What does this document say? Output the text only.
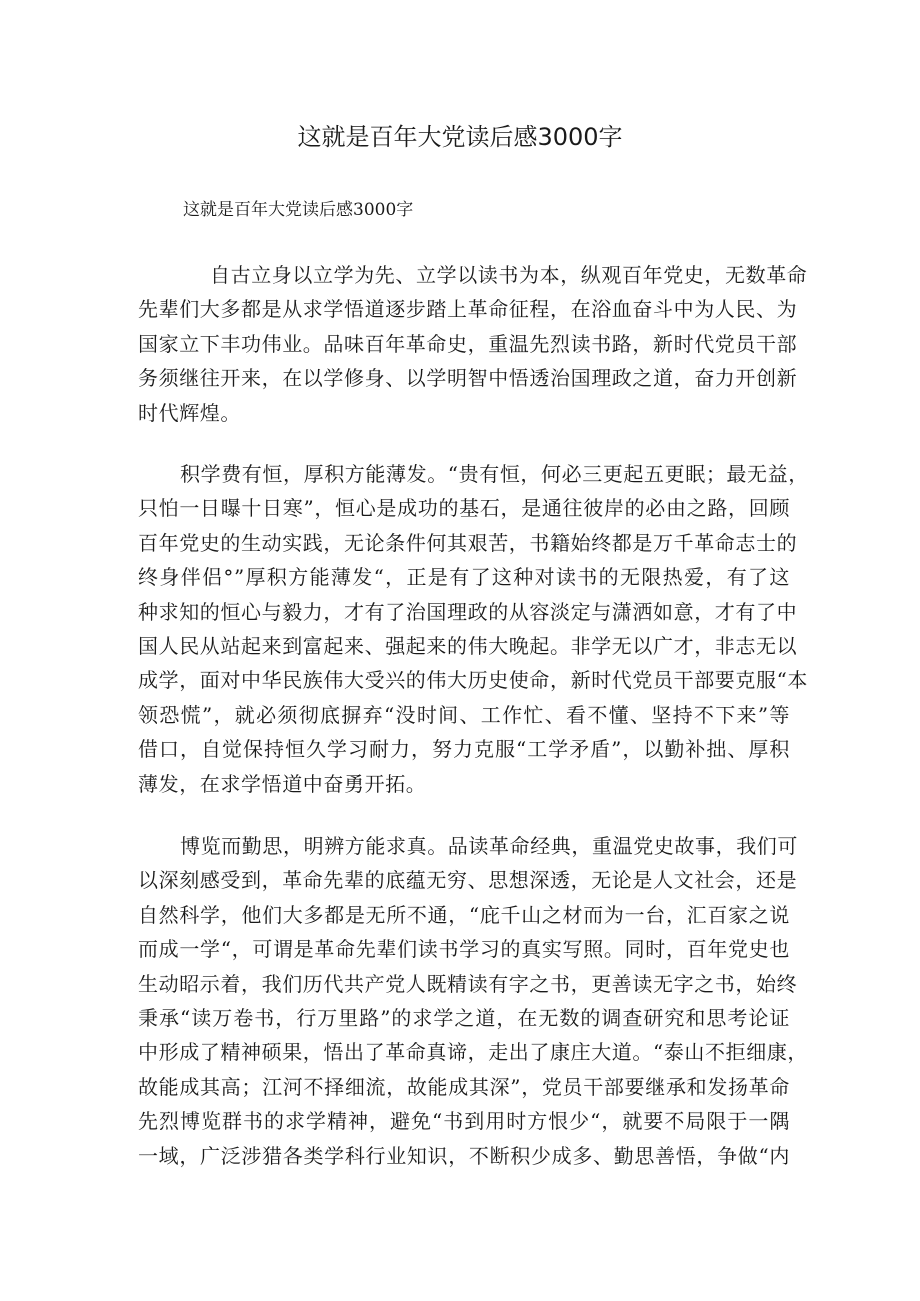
这就是百年大党读后感3000字

这就是百年大党读后感3000字

自古立身以立学为先、立学以读书为本，纵观百年党史，无数革命
先辈们大多都是从求学悟道逐步踏上革命征程，在浴血奋斗中为人民、为
国家立下丰功伟业。品味百年革命史，重温先烈读书路，新时代党员干部
务须继往开来，在以学修身、以学明智中悟透治国理政之道，奋力开创新
时代辉煌。
积学费有恒，厚积方能薄发。“贵有恒，何必三更起五更眠；最无益，
只怕一日曝十日寒”，恒心是成功的基石，是通往彼岸的必由之路，回顾
百年党史的生动实践，无论条件何其艰苦，书籍始终都是万千革命志士的
终身伴侣°”厚积方能薄发“，正是有了这种对读书的无限热爱，有了这
种求知的恒心与毅力，才有了治国理政的从容淡定与潇洒如意，才有了中
国人民从站起来到富起来、强起来的伟大晚起。非学无以广才，非志无以
成学，面对中华民族伟大受兴的伟大历史使命，新时代党员干部要克服“本
领恐慌”，就必须彻底摒弃“没时间、工作忙、看不懂、坚持不下来”等
借口，自觉保持恒久学习耐力，努力克服“工学矛盾”，以勤补拙、厚积
薄发，在求学悟道中奋勇开拓。
博览而勤思，明辨方能求真。品读革命经典，重温党史故事，我们可
以深刻感受到，革命先辈的底蕴无穷、思想深透，无论是人文社会，还是
自然科学，他们大多都是无所不通，“庇千山之材而为一台，汇百家之说
而成一学“，可谓是革命先辈们读书学习的真实写照。同时，百年党史也
生动昭示着，我们历代共产党人既精读有字之书，更善读无字之书，始终
秉承“读万卷书，行万里路”的求学之道，在无数的调查研究和思考论证
中形成了精神硕果，悟出了革命真谛，走出了康庄大道。“泰山不拒细康，
故能成其高；江河不择细流，故能成其深”，党员干部要继承和发扬革命
先烈博览群书的求学精神，避免“书到用时方恨少“，就要不局限于一隅
一域，广泛涉猎各类学科行业知识，不断积少成多、勤思善悟，争做“内
